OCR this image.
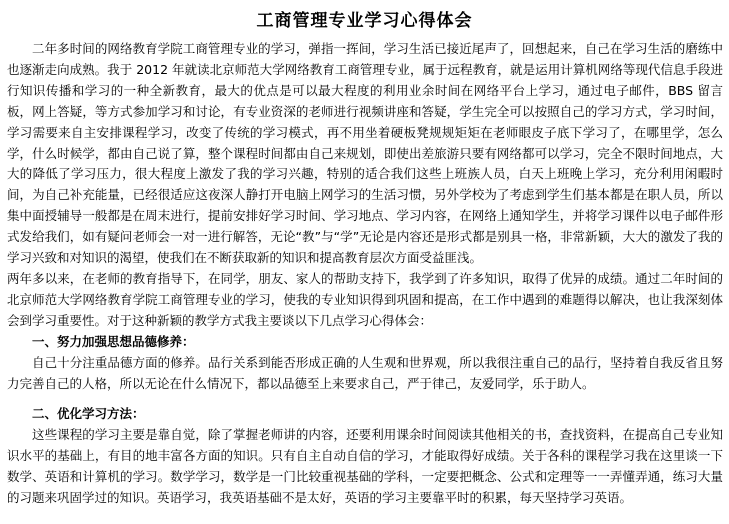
工商管理专业学习心得体会

二年多时间的网络教育学院工商管理专业的学习，弹指一挥间，学习生活已接近尾声了，回想起来，自己在学习生活的磨练中也逐渐走向成熟。我于 2012 年就读北京师范大学网络教育工商管理专业，属于远程教育，就是运用计算机网络等现代信息手段进行知识传播和学习的一种全新教育，最大的优点是可以最大程度的利用业余时间在网络平台上学习，通过电子邮件，BBS 留言板，网上答疑，等方式参加学习和讨论，有专业资深的老师进行视频讲座和答疑，学生完全可以按照自己的学习方式，学习时间，学习需要来自主安排课程学习，改变了传统的学习模式，再不用坐着硬板凳规规矩矩在老师眼皮子底下学习了，在哪里学，怎么学，什么时候学，都由自己说了算，整个课程时间都由自己来规划，即使出差旅游只要有网络都可以学习，完全不限时间地点，大大的降低了学习压力，很大程度上激发了我的学习兴趣，特别的适合我们这些上班族人员，白天上班晚上学习，充分利用闲暇时间，为自己补充能量，已经很适应这夜深人静打开电脑上网学习的生活习惯，另外学校为了考虑到学生们基本都是在职人员，所以集中面授辅导一般都是在周末进行，提前安排好学习时间、学习地点、学习内容，在网络上通知学生，并将学习课件以电子邮件形式发给我们，如有疑问老师会一对一进行解答，无论“教”与“学”无论是内容还是形式都是别具一格，非常新颖，大大的激发了我的学习兴致和对知识的渴望，使我们在不断获取新的知识和提高教育层次方面受益匪浅。

两年多以来，在老师的教育指导下，在同学，朋友、家人的帮助支持下，我学到了许多知识，取得了优异的成绩。通过二年时间的北京师范大学网络教育学院工商管理专业的学习，使我的专业知识得到巩固和提高，在工作中遇到的难题得以解决，也让我深刻体会到学习重要性。对于这种新颖的教学方式我主要谈以下几点学习心得体会：

一、努力加强思想品德修养：

自己十分注重品德方面的修养。品行关系到能否形成正确的人生观和世界观，所以我很注重自己的品行，坚持着自我反省且努力完善自己的人格，所以无论在什么情况下，都以品德至上来要求自己，严于律己，友爱同学，乐于助人。

二、优化学习方法：

这些课程的学习主要是靠自觉，除了掌握老师讲的内容，还要利用课余时间阅读其他相关的书，查找资料，在提高自己专业知识水平的基础上，有目的地丰富各方面的知识。只有自主自动自信的学习，才能取得好成绩。关于各科的课程学习我在这里谈一下数学、英语和计算机的学习。数学学习，数学是一门比较重视基础的学科，一定要把概念、公式和定理等一一弄懂弄通，练习大量的习题来巩固学过的知识。英语学习，我英语基础不是太好，英语的学习主要靠平时的积累，每天坚持学习英语。
